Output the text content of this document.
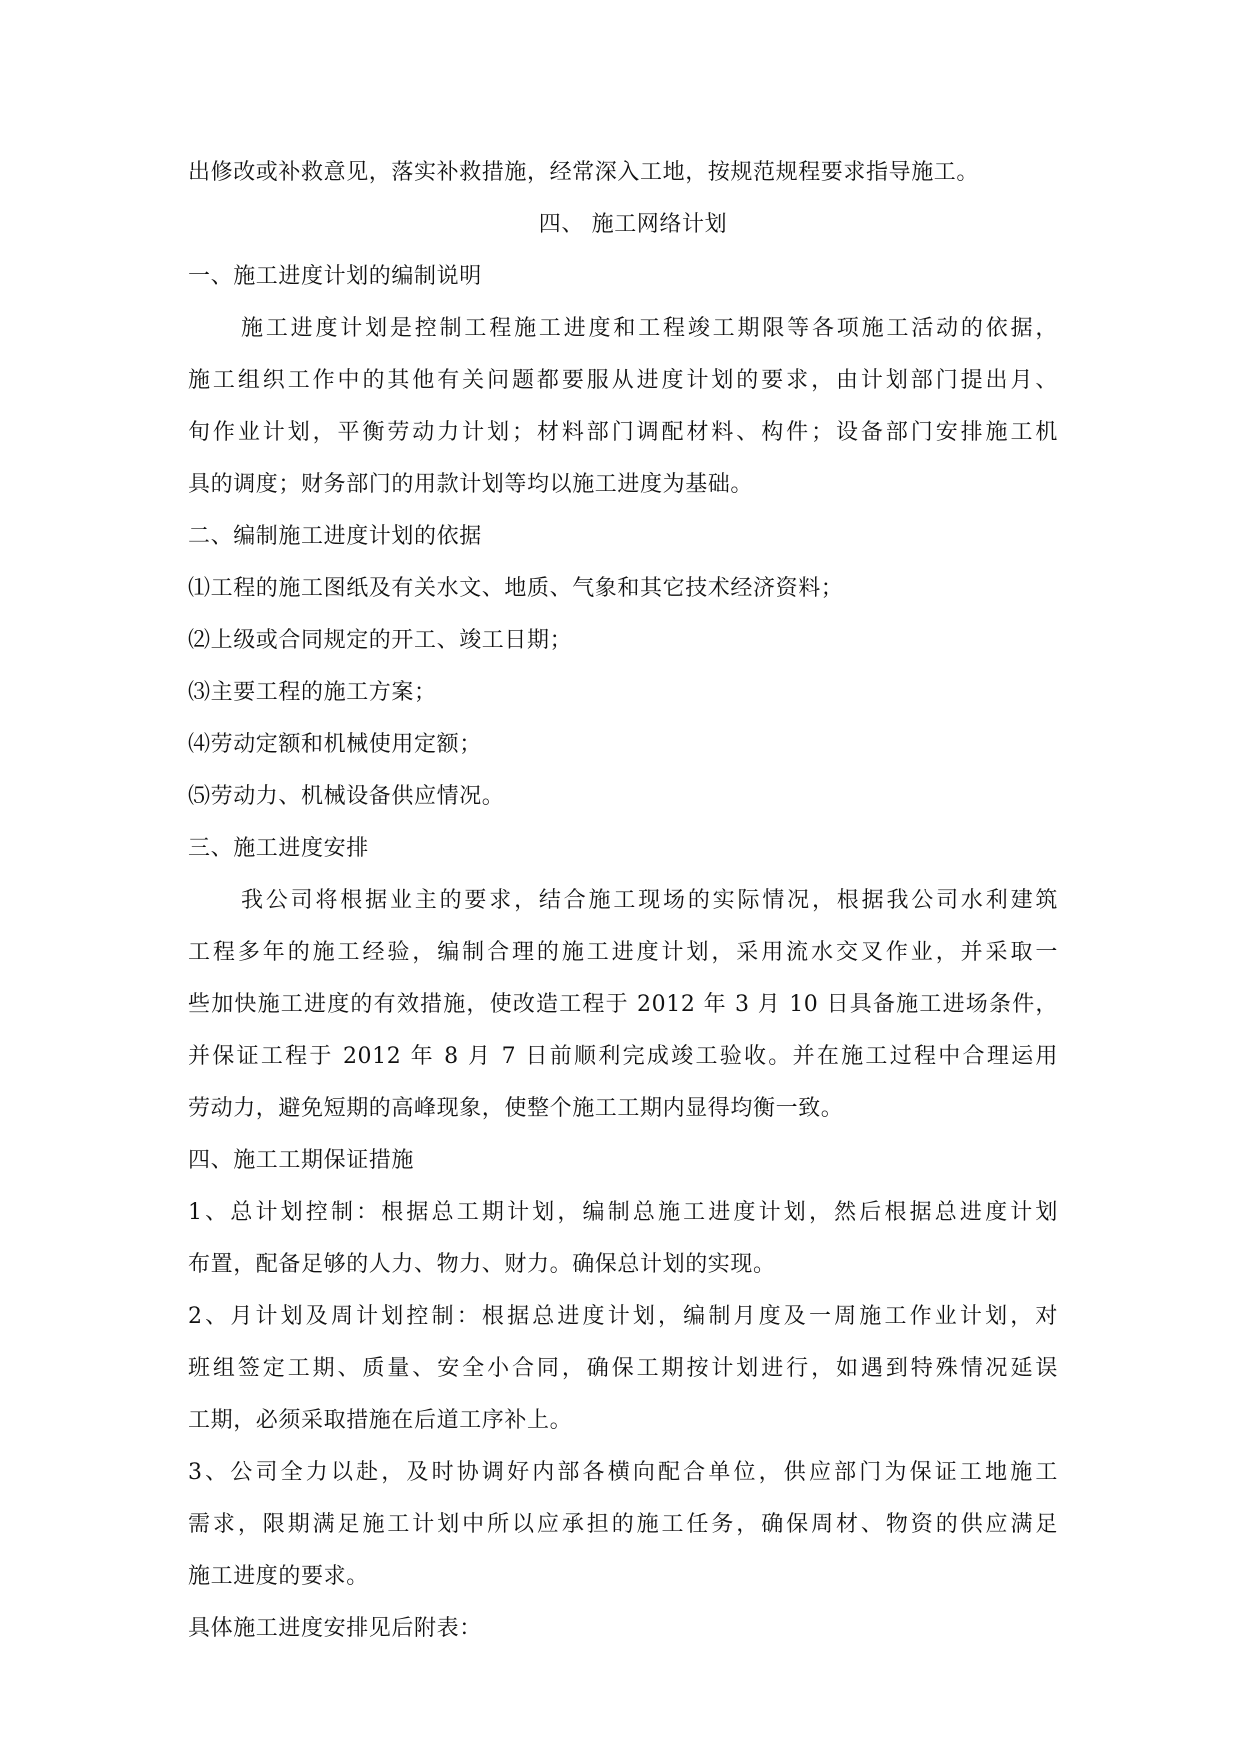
出修改或补救意见，落实补救措施，经常深入工地，按规范规程要求指导施工。
四、 施工网络计划
一、施工进度计划的编制说明
施工进度计划是控制工程施工进度和工程竣工期限等各项施工活动的依据，
施工组织工作中的其他有关问题都要服从进度计划的要求，由计划部门提出月、
旬作业计划，平衡劳动力计划；材料部门调配材料、构件；设备部门安排施工机
具的调度；财务部门的用款计划等均以施工进度为基础。
二、编制施工进度计划的依据
⑴工程的施工图纸及有关水文、地质、气象和其它技术经济资料；
⑵上级或合同规定的开工、竣工日期；
⑶主要工程的施工方案；
⑷劳动定额和机械使用定额；
⑸劳动力、机械设备供应情况。
三、施工进度安排
我公司将根据业主的要求，结合施工现场的实际情况，根据我公司水利建筑
工程多年的施工经验，编制合理的施工进度计划，采用流水交叉作业，并采取一
些加快施工进度的有效措施，使改造工程于 2012 年 3 月 10 日具备施工进场条件，
并保证工程于 2012 年 8 月 7 日前顺利完成竣工验收。并在施工过程中合理运用
劳动力，避免短期的高峰现象，使整个施工工期内显得均衡一致。
四、施工工期保证措施
1、总计划控制：根据总工期计划，编制总施工进度计划，然后根据总进度计划
布置，配备足够的人力、物力、财力。确保总计划的实现。
2、月计划及周计划控制：根据总进度计划，编制月度及一周施工作业计划，对
班组签定工期、质量、安全小合同，确保工期按计划进行，如遇到特殊情况延误
工期，必须采取措施在后道工序补上。
3、公司全力以赴，及时协调好内部各横向配合单位，供应部门为保证工地施工
需求，限期满足施工计划中所以应承担的施工任务，确保周材、物资的供应满足
施工进度的要求。
具体施工进度安排见后附表：
